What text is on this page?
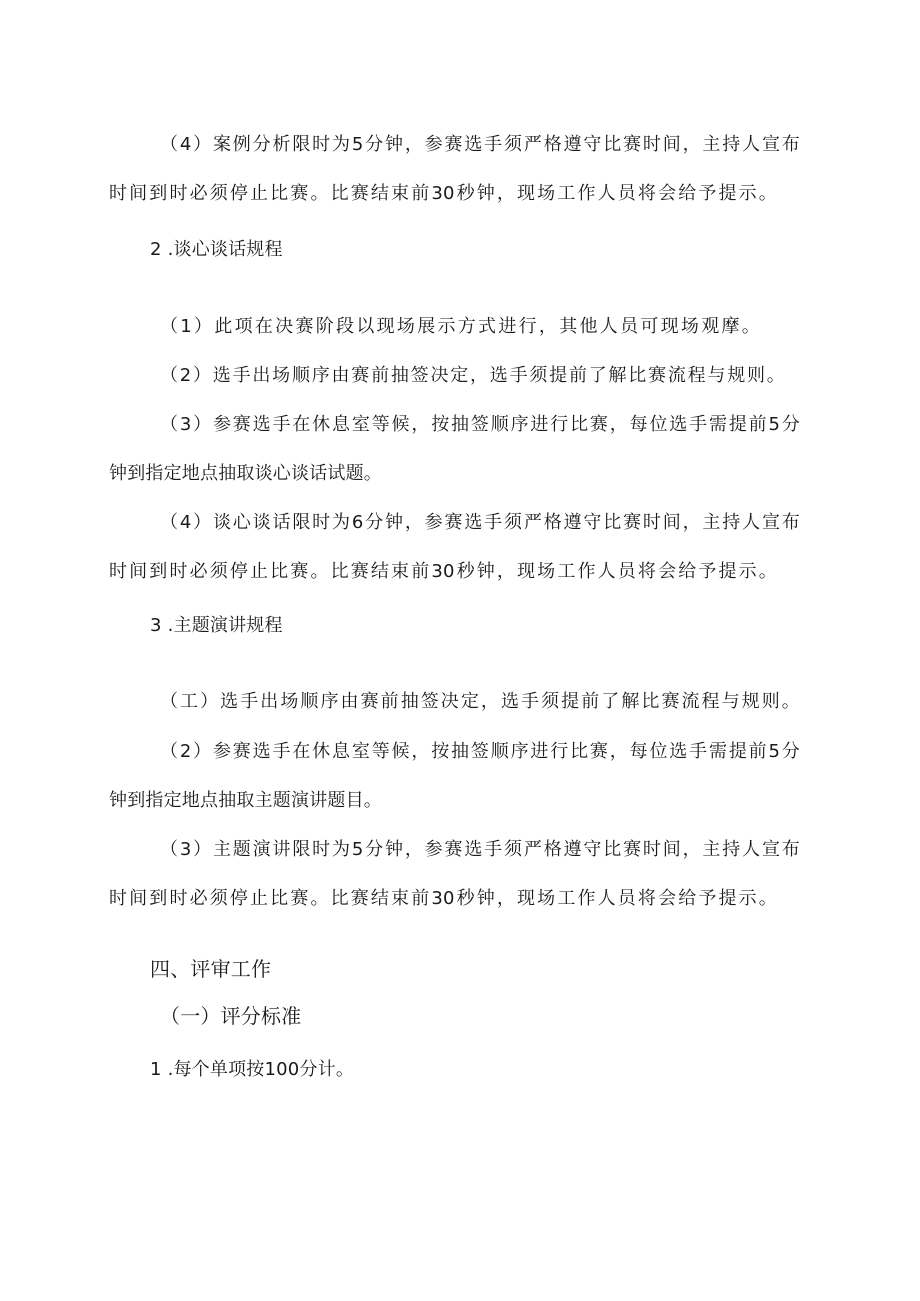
（4）案例分析限时为5分钟，参赛选手须严格遵守比赛时间，主持人宣布
时间到时必须停止比赛。比赛结束前30秒钟，现场工作人员将会给予提示。
2 .谈心谈话规程
（1）此项在决赛阶段以现场展示方式进行，其他人员可现场观摩。
（2）选手出场顺序由赛前抽签决定，选手须提前了解比赛流程与规则。
（3）参赛选手在休息室等候，按抽签顺序进行比赛，每位选手需提前5分
钟到指定地点抽取谈心谈话试题。
（4）谈心谈话限时为6分钟，参赛选手须严格遵守比赛时间，主持人宣布
时间到时必须停止比赛。比赛结束前30秒钟，现场工作人员将会给予提示。
3 .主题演讲规程
（工）选手出场顺序由赛前抽签决定，选手须提前了解比赛流程与规则。
（2）参赛选手在休息室等候，按抽签顺序进行比赛，每位选手需提前5分
钟到指定地点抽取主题演讲题目。
（3）主题演讲限时为5分钟，参赛选手须严格遵守比赛时间，主持人宣布
时间到时必须停止比赛。比赛结束前30秒钟，现场工作人员将会给予提示。
四、评审工作
（一）评分标准
1 .每个单项按100分计。
